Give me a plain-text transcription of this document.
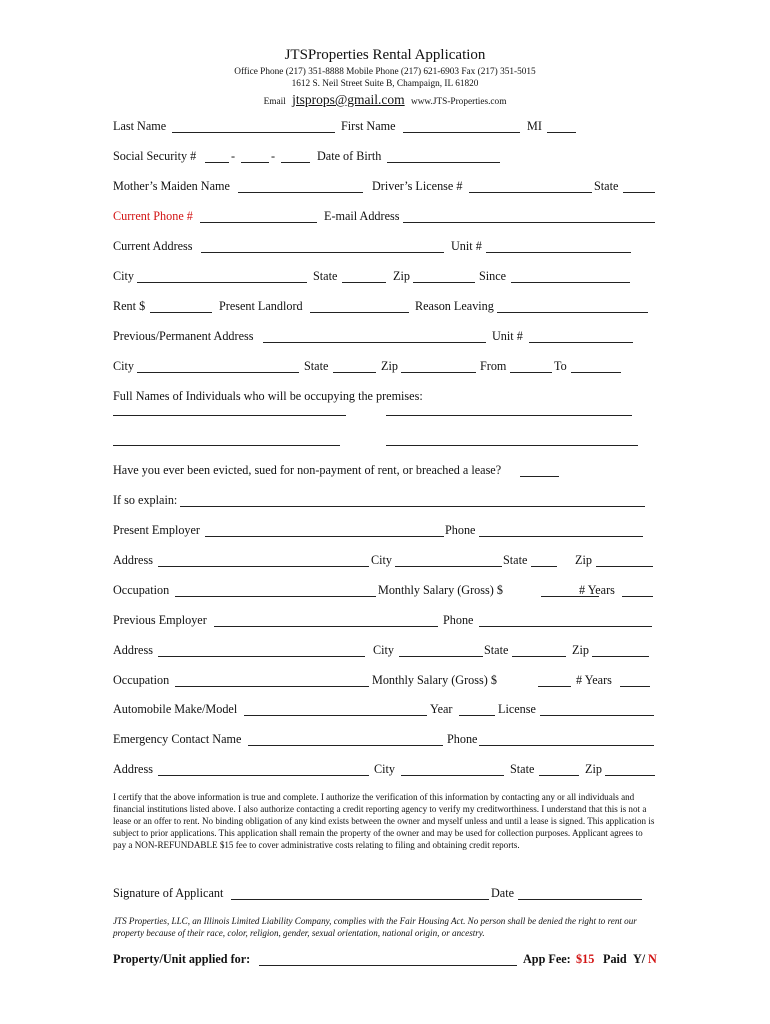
JTSProperties Rental Application
Office Phone (217) 351-8888 Mobile Phone (217) 621-6903 Fax (217) 351-5015
1612 S. Neil Street Suite B, Champaign, IL 61820
Email jtsprops@gmail.com www.JTS-Properties.com
Last Name	First Name	MI
Social Security #	-	-	Date of Birth
Mother’s Maiden Name	Driver’s License #	State
Current Phone #	E-mail Address
Current Address	Unit #
City	State	Zip	Since
Rent $	Present Landlord	Reason Leaving
Previous/Permanent Address	Unit #
City	State	Zip	From	To
Full Names of Individuals who will be occupying the premises:
Have you ever been evicted, sued for non-payment of rent, or breached a lease?
If so explain:
Present Employer	Phone
Address	City	State	Zip
Occupation	Monthly Salary (Gross) $	# Years
Previous Employer	Phone
Address	City	State	Zip
Occupation	Monthly Salary (Gross) $	# Years
Automobile Make/Model	Year	License
Emergency Contact Name	Phone
Address	City	State	Zip
I certify that the above information is true and complete. I authorize the verification of this information by contacting any or all individuals and financial institutions listed above. I also authorize contacting a credit reporting agency to verify my creditworthiness. I understand that this is not a lease or an offer to rent. No binding obligation of any kind exists between the owner and myself unless and until a lease is signed. This application is subject to prior applications. This application shall remain the property of the owner and may be used for collection purposes. Applicant agrees to pay a NON-REFUNDABLE $15 fee to cover administrative costs relating to filing and obtaining credit reports.
Signature of Applicant	Date
JTS Properties, LLC, an Illinois Limited Liability Company, complies with the Fair Housing Act. No person shall be denied the right to rent our property because of their race, color, religion, gender, sexual orientation, national origin, or ancestry.
Property/Unit applied for:	App Fee: $15 Paid Y/ N
